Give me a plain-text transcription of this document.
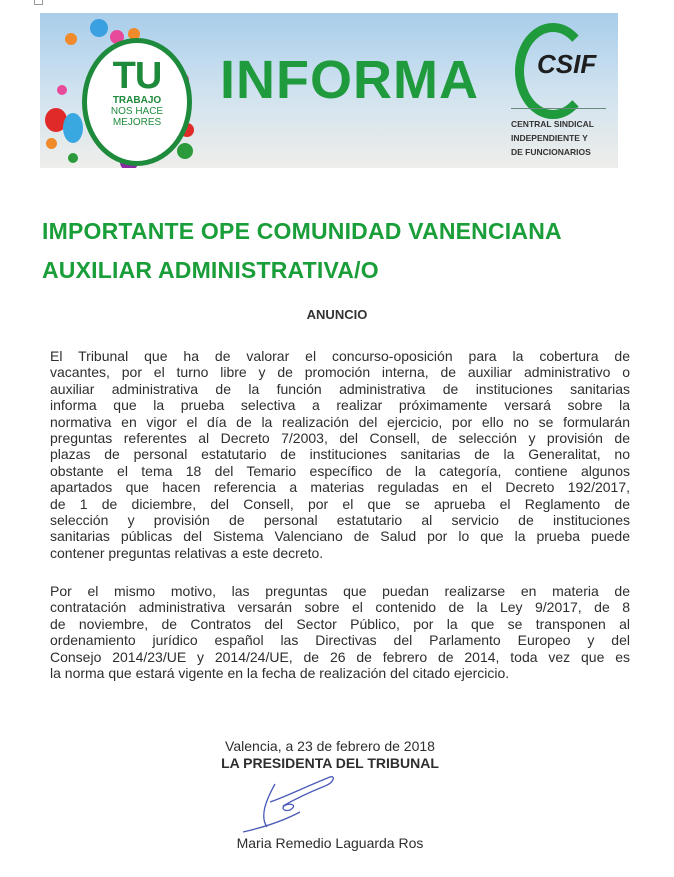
TU
TRABAJO
NOS HACE
MEJORES
INFORMA CSIF
CENTRAL SINDICAL
INDEPENDIENTE Y
DE FUNCIONARIOS
IMPORTANTE OPE COMUNIDAD VANENCIANA
AUXILIAR ADMINISTRATIVA/O
ANUNCIO
El Tribunal que ha de valorar el concurso-oposición para la cobertura de
vacantes, por el turno libre y de promoción interna, de auxiliar administrativo o
auxiliar administrativa de la función administrativa de instituciones sanitarias
informa que la prueba selectiva a realizar próximamente versará sobre la
normativa en vigor el día de la realización del ejercicio, por ello no se formularán
preguntas referentes al Decreto 7/2003, del Consell, de selección y provisión de
plazas de personal estatutario de instituciones sanitarias de la Generalitat, no
obstante el tema 18 del Temario específico de la categoría, contiene algunos
apartados que hacen referencia a materias reguladas en el Decreto 192/2017,
de 1 de diciembre, del Consell, por el que se aprueba el Reglamento de
selección y provisión de personal estatutario al servicio de instituciones
sanitarias públicas del Sistema Valenciano de Salud por lo que la prueba puede
contener preguntas relativas a este decreto.
Por el mismo motivo, las preguntas que puedan realizarse en materia de
contratación administrativa versarán sobre el contenido de la Ley 9/2017, de 8
de noviembre, de Contratos del Sector Público, por la que se transponen al
ordenamiento jurídico español las Directivas del Parlamento Europeo y del
Consejo 2014/23/UE y 2014/24/UE, de 26 de febrero de 2014, toda vez que es
la norma que estará vigente en la fecha de realización del citado ejercicio.
Valencia, a 23 de febrero de 2018
LA PRESIDENTA DEL TRIBUNAL
Maria Remedio Laguarda Ros
